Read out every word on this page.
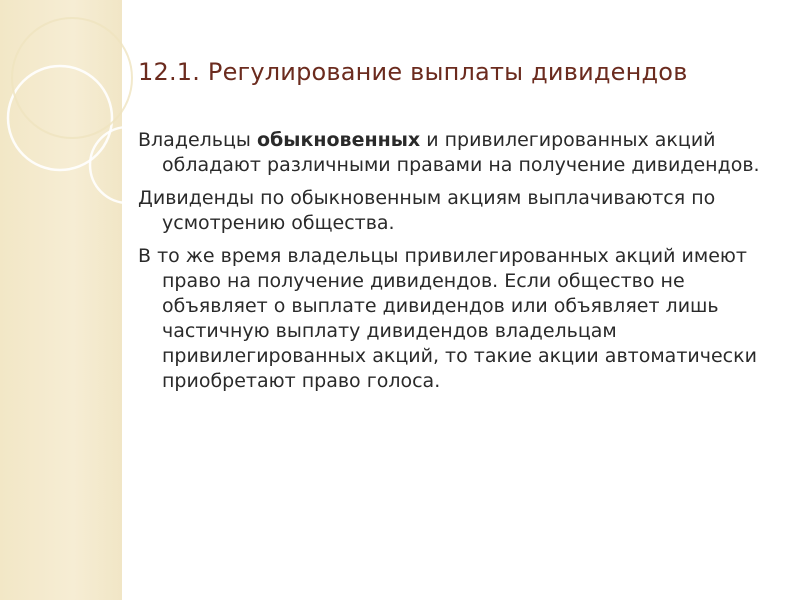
12.1. Регулирование выплаты дивидендов

Владельцы обыкновенных и привилегированных акций обладают различными правами на получение дивидендов.

Дивиденды по обыкновенным акциям выплачиваются по усмотрению общества.

В то же время владельцы привилегированных акций имеют право на получение дивидендов. Если общество не объявляет о выплате дивидендов или объявляет лишь частичную выплату дивидендов владельцам привилегированных акций, то такие акции автоматически приобретают право голоса.
